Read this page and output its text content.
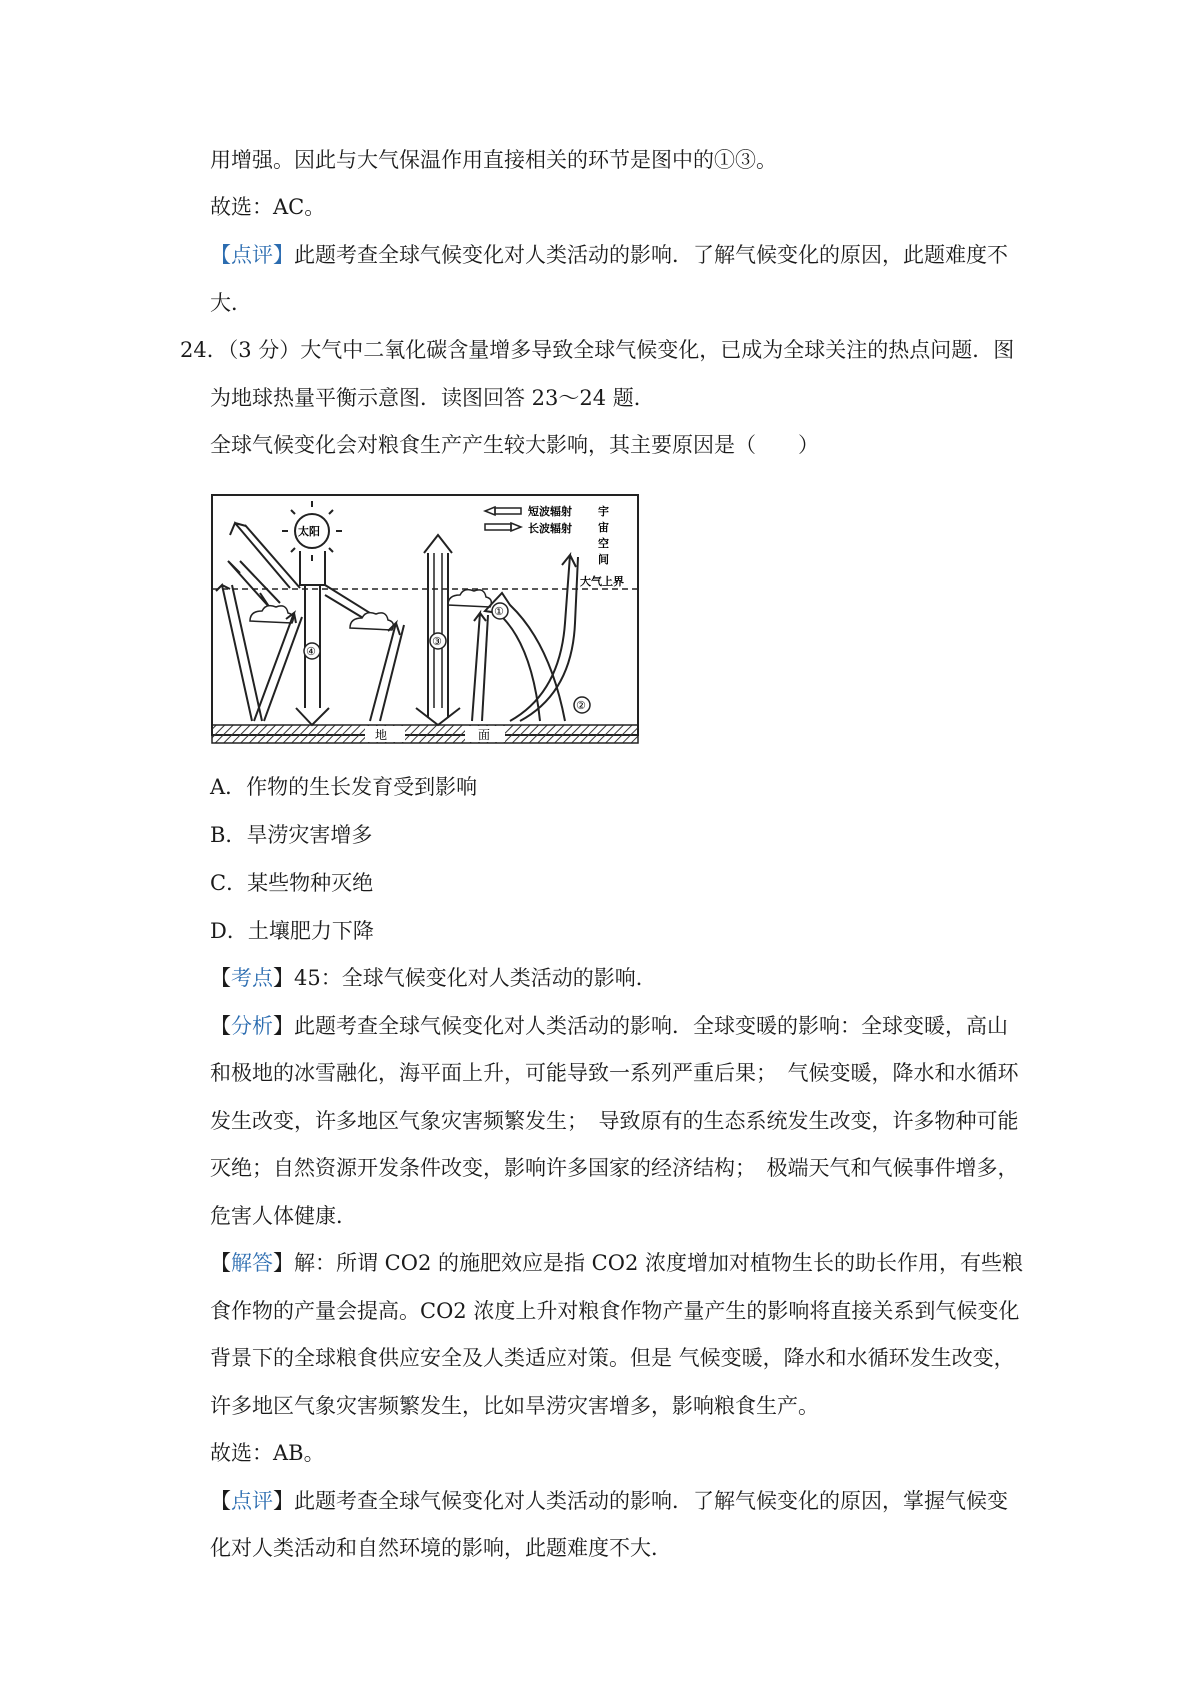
用增强。因此与大气保温作用直接相关的环节是图中的①③。
故选：AC。
【点评】此题考查全球气候变化对人类活动的影响．了解气候变化的原因，此题难度不
大．
24．（3 分）大气中二氧化碳含量增多导致全球气候变化，已成为全球关注的热点问题．图
为地球热量平衡示意图．读图回答 23～24 题．
全球气候变化会对粮食生产产生较大影响，其主要原因是（　　）
地	面
大气上界
太阳
短波辐射
长波辐射
宇
宙
空
间
④
③
①
②
A．作物的生长发育受到影响
B．旱涝灾害增多
C．某些物种灭绝
D．土壤肥力下降
【考点】45：全球气候变化对人类活动的影响．
【分析】此题考查全球气候变化对人类活动的影响．全球变暖的影响：全球变暖，高山
和极地的冰雪融化，海平面上升，可能导致一系列严重后果；　气候变暖，降水和水循环
发生改变，许多地区气象灾害频繁发生；　导致原有的生态系统发生改变，许多物种可能
灭绝；自然资源开发条件改变，影响许多国家的经济结构；　极端天气和气候事件增多，
危害人体健康．
【解答】解：所谓 CO2 的施肥效应是指 CO2 浓度增加对植物生长的助长作用，有些粮
食作物的产量会提高。CO2 浓度上升对粮食作物产量产生的影响将直接关系到气候变化
背景下的全球粮食供应安全及人类适应对策。但是 气候变暖，降水和水循环发生改变，
许多地区气象灾害频繁发生，比如旱涝灾害增多，影响粮食生产。
故选：AB。
【点评】此题考查全球气候变化对人类活动的影响．了解气候变化的原因，掌握气候变
化对人类活动和自然环境的影响，此题难度不大．
